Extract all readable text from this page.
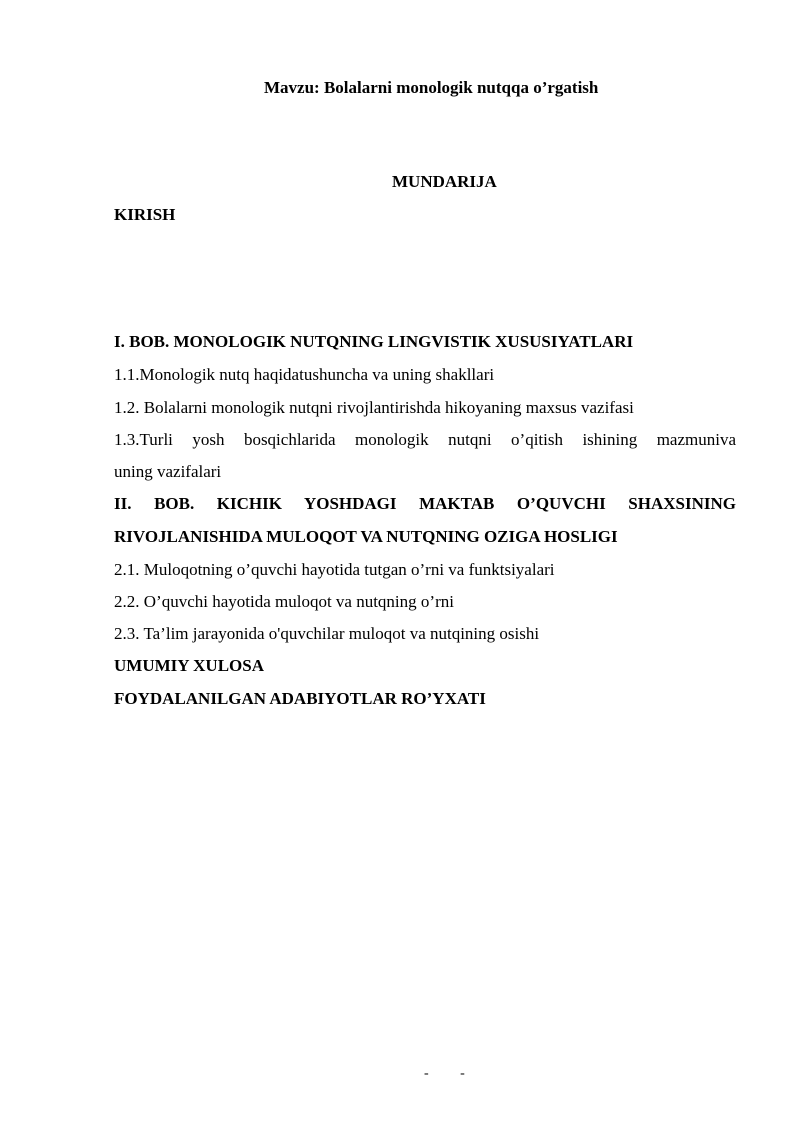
Mavzu: Bolalarni monologik nutqqa o’rgatish
MUNDARIJA
KIRISH
I. BOB. MONOLOGIK NUTQNING LINGVISTIK XUSUSIYATLARI
1.1.Monologik nutq haqidatushuncha va uning shakllari
1.2. Bolalarni monologik nutqni rivojlantirishda hikoyaning maxsus vazifasi
1.3.Turli yosh bosqichlarida monologik nutqni o’qitish ishining mazmuniva
uning vazifalari
II. BOB. KICHIK YOSHDAGI MAKTAB O’QUVCHI SHAXSINING
RIVOJLANISHIDA MULOQOT VA NUTQNING OZIGA HOSLIGI
2.1. Muloqotning o’quvchi hayotida tutgan o’rni va funktsiyalari
2.2. O’quvchi hayotida muloqot va nutqning o’rni
2.3. Ta’lim jarayonida o'quvchilar muloqot va nutqining osishi
UMUMIY XULOSA
FOYDALANILGAN ADABIYOTLAR RO’YXATI
- -
